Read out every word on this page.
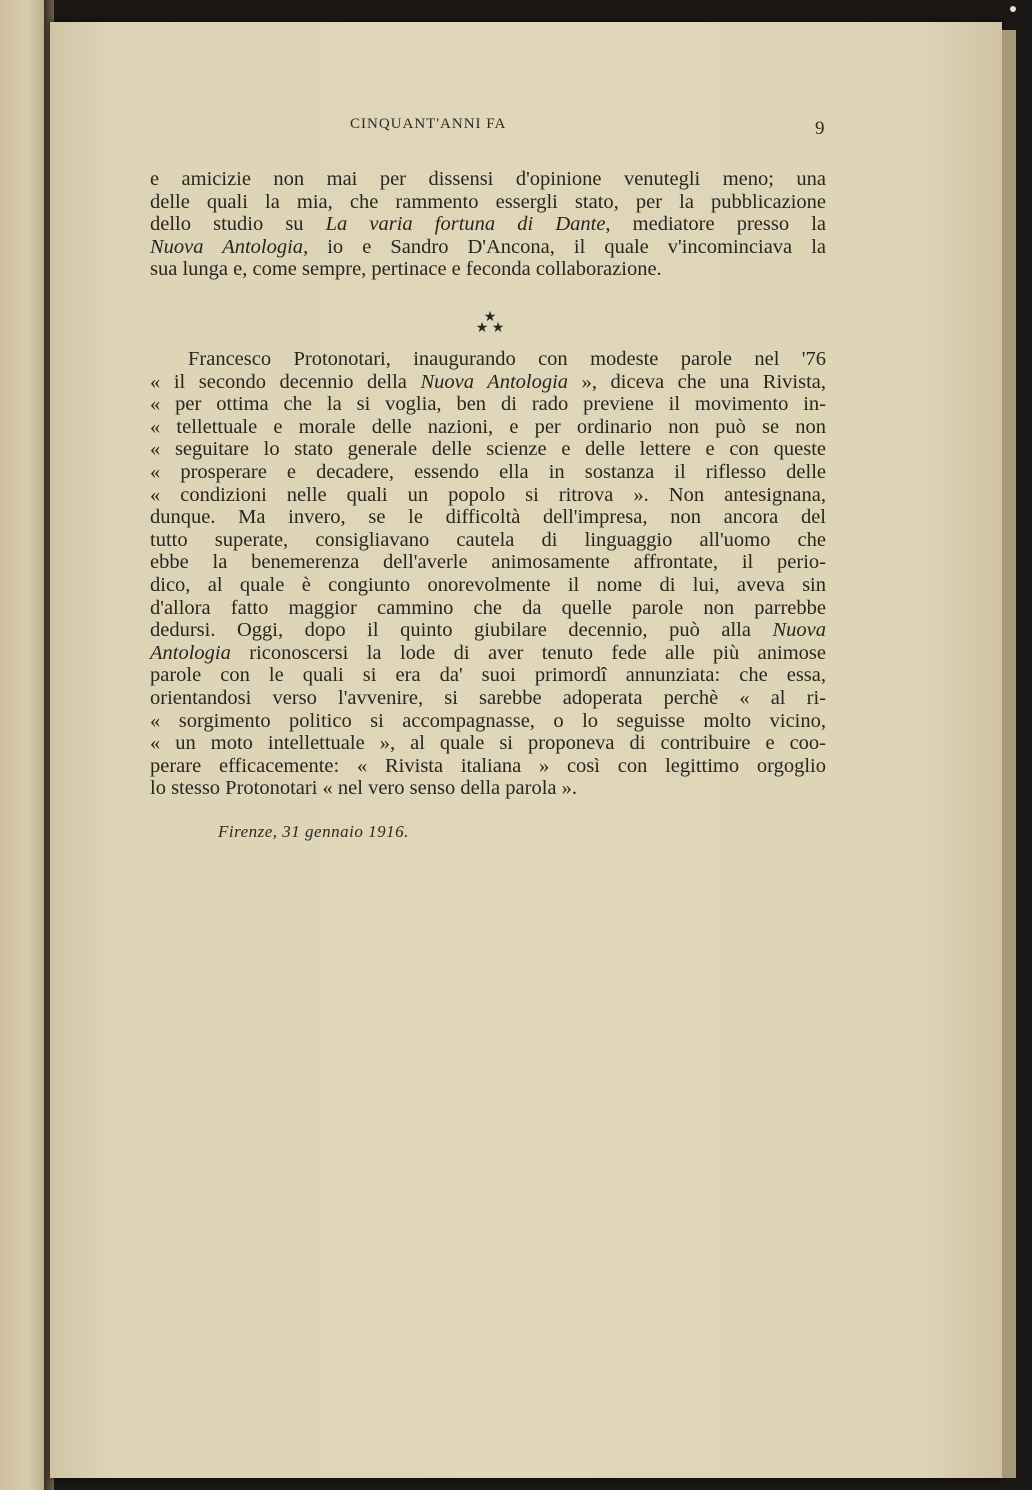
CINQUANT'ANNI FA	9
e amicizie non mai per dissensi d'opinione venutegli meno; una
delle quali la mia, che rammento essergli stato, per la pubblicazione
dello studio su La varia fortuna di Dante, mediatore presso la
Nuova Antologia, io e Sandro D'Ancona, il quale v'incominciava la
sua lunga e, come sempre, pertinace e feconda collaborazione.
★
★ ★
Francesco Protonotari, inaugurando con modeste parole nel '76
« il secondo decennio della Nuova Antologia », diceva che una Rivista,
« per ottima che la si voglia, ben di rado previene il movimento in-
« tellettuale e morale delle nazioni, e per ordinario non può se non
« seguitare lo stato generale delle scienze e delle lettere e con queste
« prosperare e decadere, essendo ella in sostanza il riflesso delle
« condizioni nelle quali un popolo si ritrova ». Non antesignana,
dunque. Ma invero, se le difficoltà dell'impresa, non ancora del
tutto superate, consigliavano cautela di linguaggio all'uomo che
ebbe la benemerenza dell'averle animosamente affrontate, il perio-
dico, al quale è congiunto onorevolmente il nome di lui, aveva sin
d'allora fatto maggior cammino che da quelle parole non parrebbe
dedursi. Oggi, dopo il quinto giubilare decennio, può alla Nuova
Antologia riconoscersi la lode di aver tenuto fede alle più animose
parole con le quali si era da' suoi primordî annunziata: che essa,
orientandosi verso l'avvenire, si sarebbe adoperata perchè « al ri-
« sorgimento politico si accompagnasse, o lo seguisse molto vicino,
« un moto intellettuale », al quale si proponeva di contribuire e coo-
perare efficacemente: « Rivista italiana » così con legittimo orgoglio
lo stesso Protonotari « nel vero senso della parola ».
Firenze, 31 gennaio 1916.
